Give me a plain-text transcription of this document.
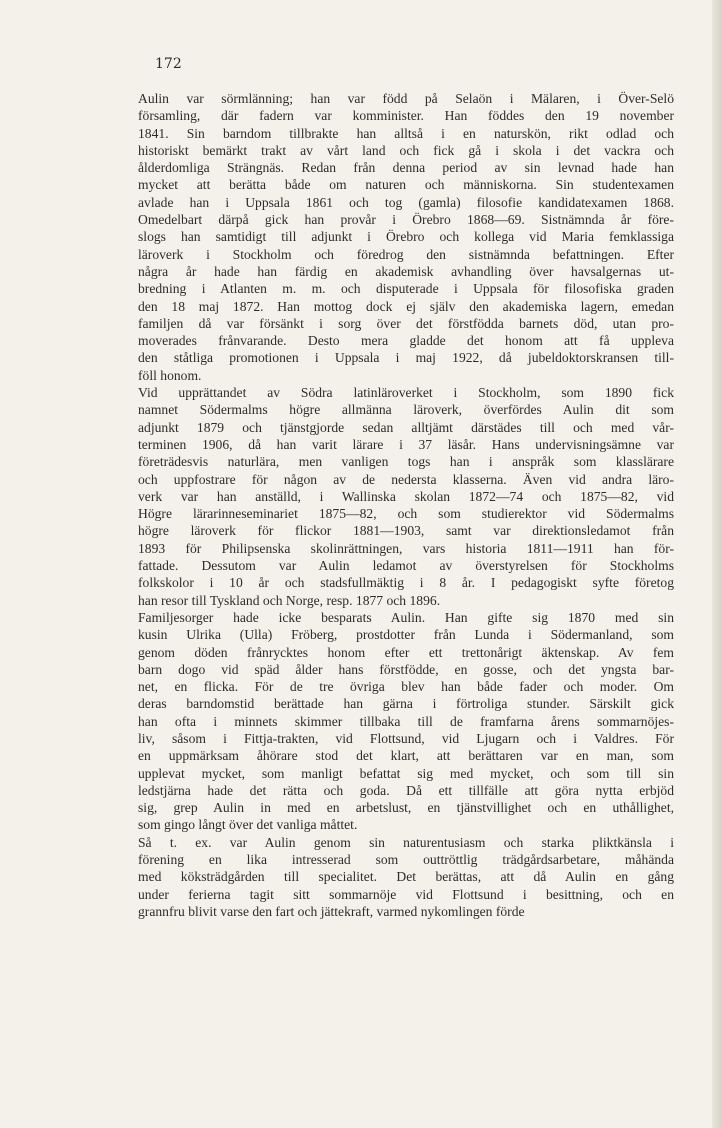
172
Aulin var sörmlänning; han var född på Selaön i Mälaren, i Över-Selö
församling, där fadern var komminister. Han föddes den 19 november
1841. Sin barndom tillbrakte han alltså i en naturskön, rikt odlad och
historiskt bemärkt trakt av vårt land och fick gå i skola i det vackra och
ålderdomliga Strängnäs. Redan från denna period av sin levnad hade han
mycket att berätta både om naturen och människorna. Sin studentexamen
avlade han i Uppsala 1861 och tog (gamla) filosofie kandidatexamen 1868.
Omedelbart därpå gick han provår i Örebro 1868—69. Sistnämnda år före-
slogs han samtidigt till adjunkt i Örebro och kollega vid Maria femklassiga
läroverk i Stockholm och föredrog den sistnämnda befattningen. Efter
några år hade han färdig en akademisk avhandling över havsalgernas ut-
bredning i Atlanten m. m. och disputerade i Uppsala för filosofiska graden
den 18 maj 1872. Han mottog dock ej själv den akademiska lagern, emedan
familjen då var försänkt i sorg över det förstfödda barnets död, utan pro-
moverades frånvarande. Desto mera gladde det honom att få uppleva
den ståtliga promotionen i Uppsala i maj 1922, då jubeldoktorskransen till-
föll honom.
Vid upprättandet av Södra latinläroverket i Stockholm, som 1890 fick
namnet Södermalms högre allmänna läroverk, överfördes Aulin dit som
adjunkt 1879 och tjänstgjorde sedan alltjämt därstädes till och med vår-
terminen 1906, då han varit lärare i 37 läsår. Hans undervisningsämne var
företrädesvis naturlära, men vanligen togs han i anspråk som klasslärare
och uppfostrare för någon av de nedersta klasserna. Även vid andra läro-
verk var han anställd, i Wallinska skolan 1872—74 och 1875—82, vid
Högre lärarinneseminariet 1875—82, och som studierektor vid Södermalms
högre läroverk för flickor 1881—1903, samt var direktionsledamot från
1893 för Philipsenska skolinrättningen, vars historia 1811—1911 han för-
fattade. Dessutom var Aulin ledamot av överstyrelsen för Stockholms
folkskolor i 10 år och stadsfullmäktig i 8 år. I pedagogiskt syfte företog
han resor till Tyskland och Norge, resp. 1877 och 1896.
Familjesorger hade icke besparats Aulin. Han gifte sig 1870 med sin
kusin Ulrika (Ulla) Fröberg, prostdotter från Lunda i Södermanland, som
genom döden frånrycktes honom efter ett trettonårigt äktenskap. Av fem
barn dogo vid späd ålder hans förstfödde, en gosse, och det yngsta bar-
net, en flicka. För de tre övriga blev han både fader och moder. Om
deras barndomstid berättade han gärna i förtroliga stunder. Särskilt gick
han ofta i minnets skimmer tillbaka till de framfarna årens sommarnöjes-
liv, såsom i Fittja-trakten, vid Flottsund, vid Ljugarn och i Valdres. För
en uppmärksam åhörare stod det klart, att berättaren var en man, som
upplevat mycket, som manligt befattat sig med mycket, och som till sin
ledstjärna hade det rätta och goda. Då ett tillfälle att göra nytta erbjöd
sig, grep Aulin in med en arbetslust, en tjänstvillighet och en uthållighet,
som gingo långt över det vanliga måttet.
Så t. ex. var Aulin genom sin naturentusiasm och starka pliktkänsla i
förening en lika intresserad som outtröttlig trädgårdsarbetare, måhända
med köksträdgården till specialitet. Det berättas, att då Aulin en gång
under ferierna tagit sitt sommarnöje vid Flottsund i besittning, och en
grannfru blivit varse den fart och jättekraft, varmed nykomlingen förde
